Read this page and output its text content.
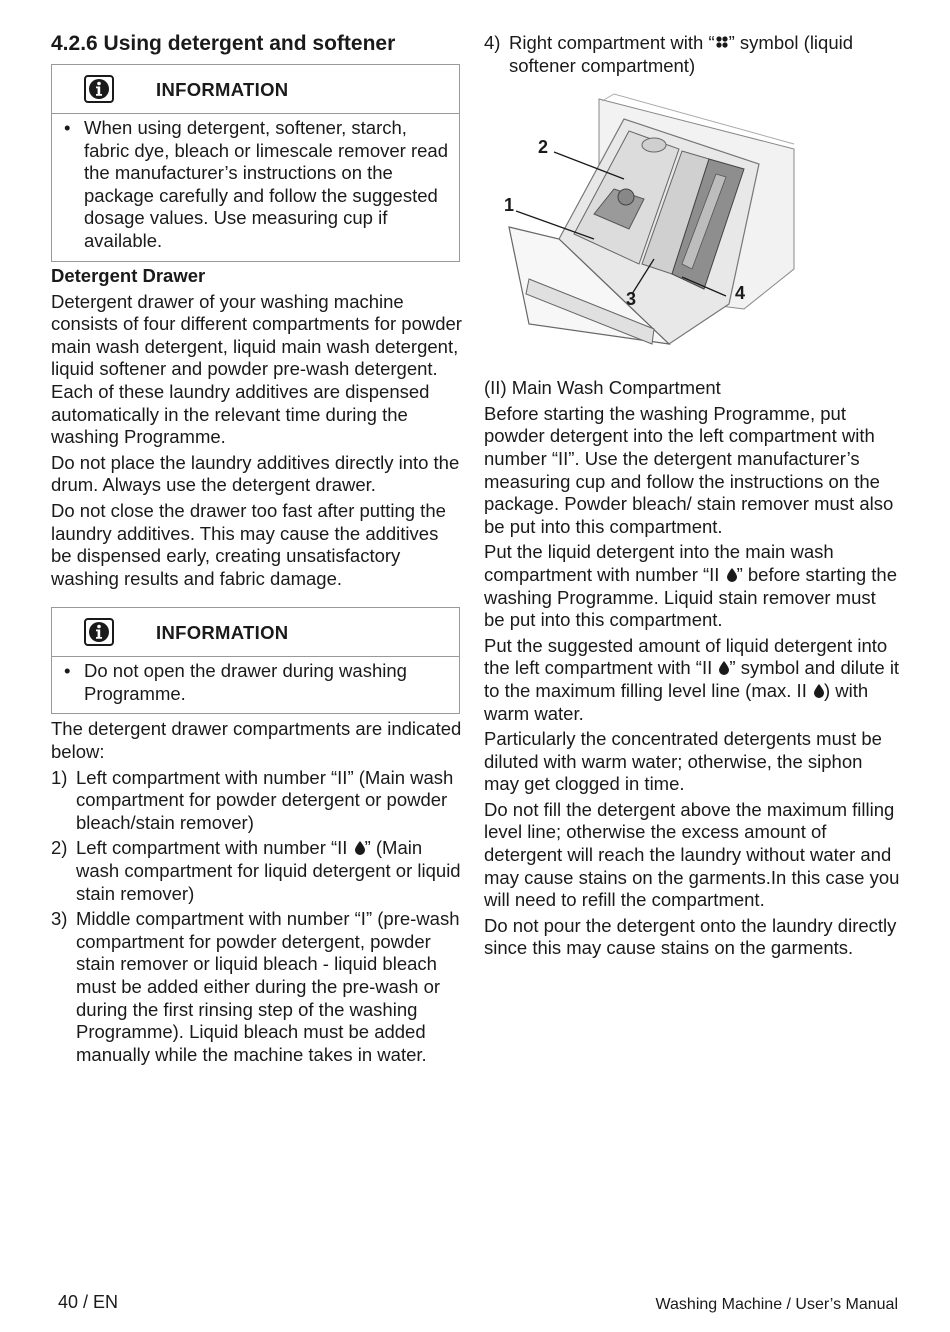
4.2.6 Using detergent and softener
INFORMATION
• When using detergent, softener, starch, fabric dye, bleach or limescale remover read the manufacturer’s instructions on the package carefully and follow the suggested dosage values. Use measuring cup if available.

Detergent Drawer

Detergent drawer of your washing machine consists of four different compartments for powder main wash detergent, liquid main wash detergent, liquid softener and powder pre-wash detergent. Each of these laundry additives are dispensed automatically in the relevant time during the washing Programme.

Do not place the laundry additives directly into the drum. Always use the detergent drawer.

Do not close the drawer too fast after putting the laundry additives. This may cause the additives be dispensed early, creating unsatisfactory washing results and fabric damage.

INFORMATION
• Do not open the drawer during washing Programme.

The detergent drawer compartments are indicated below:

1) Left compartment with number “II” (Main wash compartment for powder detergent or powder bleach/stain remover)
2) Left compartment with number “II ” (Main wash compartment for liquid detergent or liquid stain remover)
3) Middle compartment with number “I” (pre-wash compartment for powder detergent, powder stain remover or liquid bleach - liquid bleach must be added either during the pre-wash or during the first rinsing step of the washing Programme). Liquid bleach must be added manually while the machine takes in water.
4) Right compartment with “ ” symbol (liquid softener compartment)
2
1
3	4

(II) Main Wash Compartment

Before starting the washing Programme, put powder detergent into the left compartment with number “II”. Use the detergent manufacturer’s measuring cup and follow the instructions on the package. Powder bleach/ stain remover must also be put into this compartment.

Put the liquid detergent into the main wash compartment with number “II ” before starting the washing Programme. Liquid stain remover must be put into this compartment.

Put the suggested amount of liquid detergent into the left compartment with “II ” symbol and dilute it to the maximum filling level line (max. II ) with warm water.

Particularly the concentrated detergents must be diluted with warm water; otherwise, the siphon may get clogged in time.

Do not fill the detergent above the maximum filling level line; otherwise the excess amount of detergent will reach the laundry without water and may cause stains on the garments.In this case you will need to refill the compartment.

Do not pour the detergent onto the laundry directly since this may cause stains on the garments.

40 / EN	Washing Machine / User’s Manual
